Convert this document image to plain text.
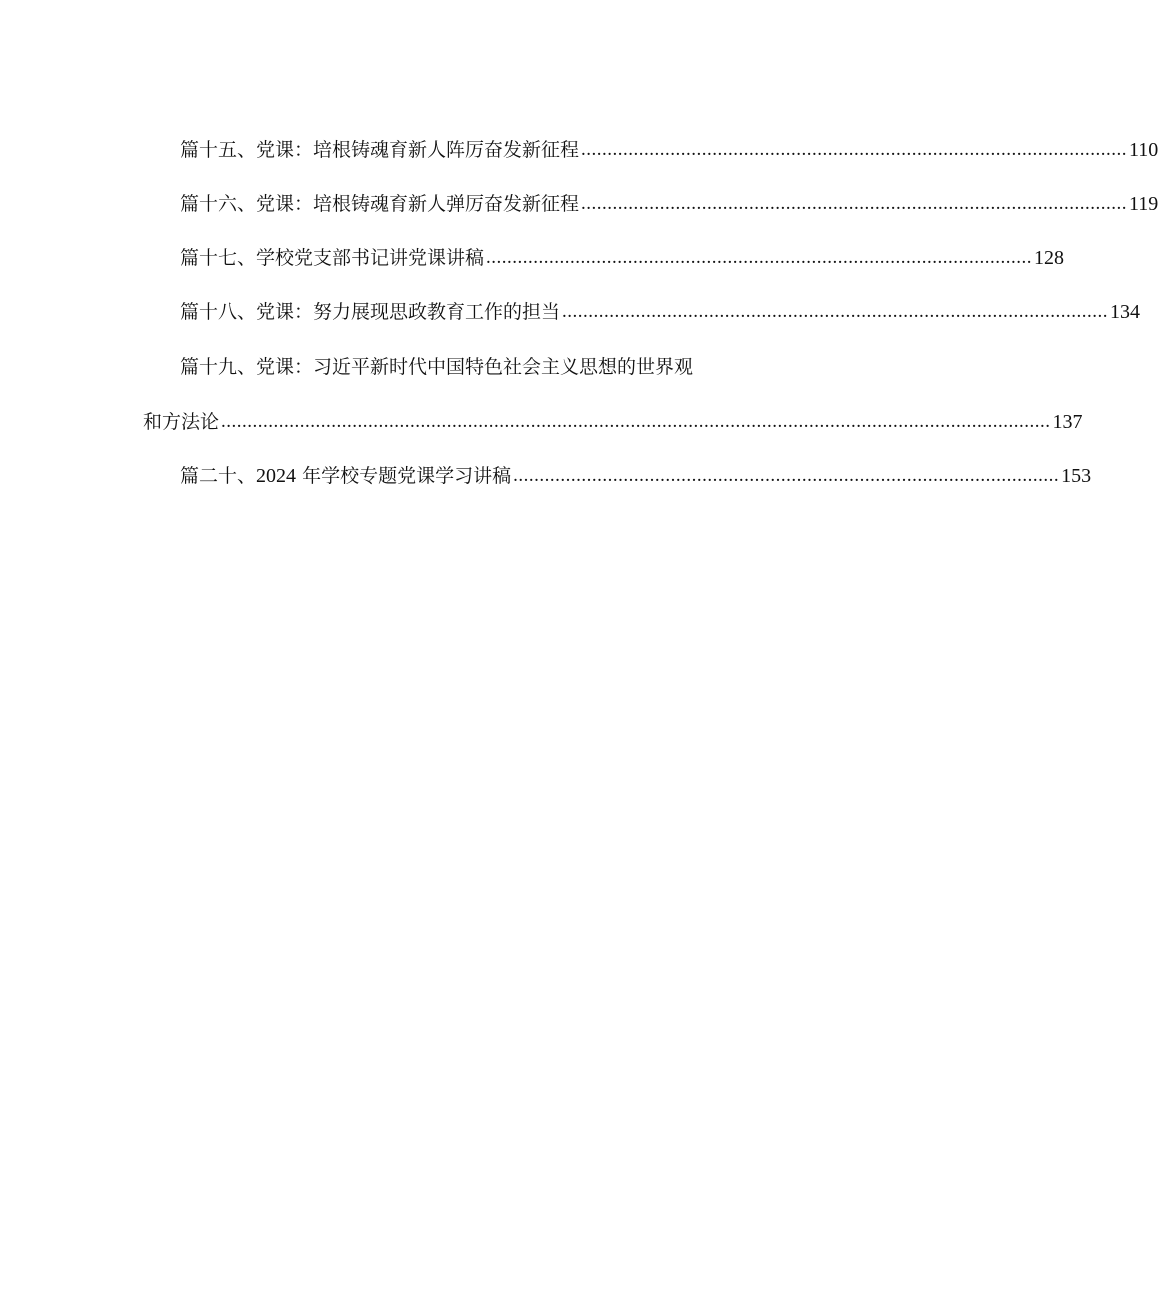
篇十五、党课：培根铸魂育新人阵厉奋发新征程 ........................................................................................................ 110
篇十六、党课：培根铸魂育新人弹厉奋发新征程 ........................................................................................................ 119
篇十七、学校党支部书记讲党课讲稿 ........................................................................................................ 128
篇十八、党课：努力展现思政教育工作的担当 ........................................................................................................ 134
篇十九、党课：习近平新时代中国特色社会主义思想的世界观
和方法论 .............................................................................................................................................................. 137
篇二十、2024 年学校专题党课学习讲稿 ........................................................................................................ 153
